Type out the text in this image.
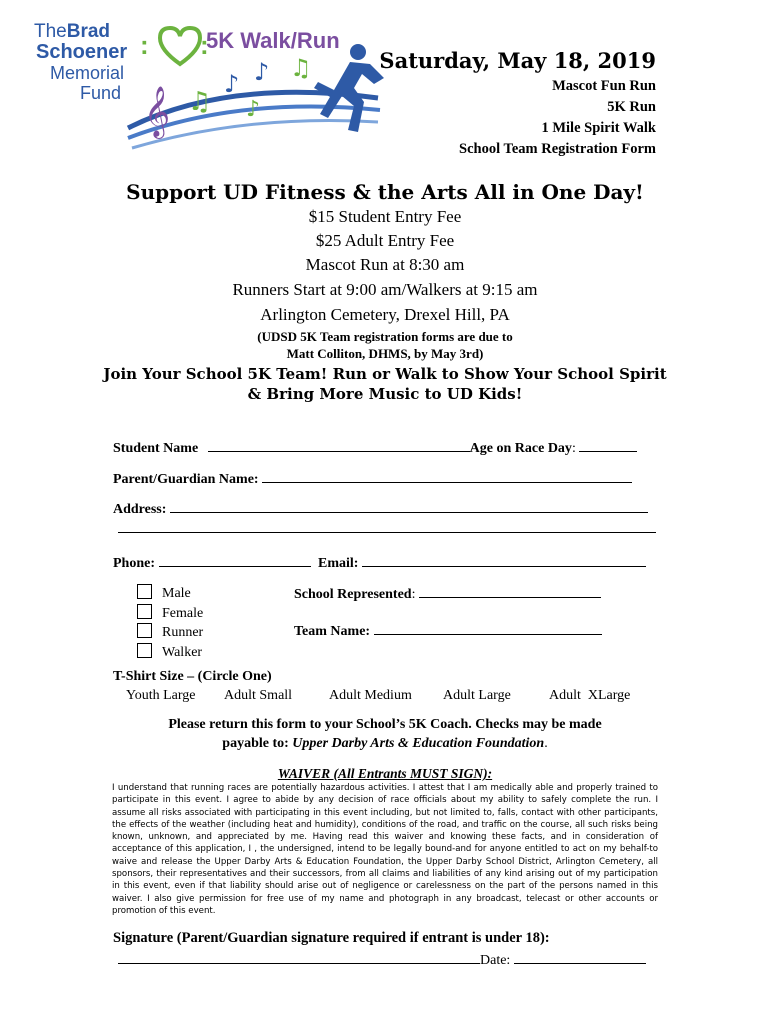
TheBrad
Schoener
Memorial
Fund
5K Walk/Run
: :
𝄞 ♫
♪ ♪ ♫
♪
Saturday, May 18, 2019
Mascot Fun Run
5K Run
1 Mile Spirit Walk
School Team Registration Form
Support UD Fitness & the Arts All in One Day!
$15 Student Entry Fee
$25 Adult Entry Fee
Mascot Run at 8:30 am
Runners Start at 9:00 am/Walkers at 9:15 am
Arlington Cemetery, Drexel Hill, PA
(UDSD 5K Team registration forms are due to
Matt Colliton, DHMS, by May 3rd)
Join Your School 5K Team! Run or Walk to Show Your School Spirit
& Bring More Music to UD Kids!
Student Name	Age on Race Day:
Parent/Guardian Name:
Address:
Phone:	Email:
Male
Female
Runner
Walker
School Represented:
Team Name:
T-Shirt Size – (Circle One)
Youth Large Adult Small	Adult Medium Adult Large	Adult  XLarge
Please return this form to your School’s 5K Coach. Checks may be made
payable to: Upper Darby Arts & Education Foundation.
WAIVER (All Entrants MUST SIGN):
I understand that running races are potentially hazardous activities. I attest that I am medically able and properly trained to participate in this event. I agree to abide by any decision of race officials about my ability to safely complete the run. I assume all risks associated with participating in this event including, but not limited to, falls, contact with other participants, the effects of the weather (including heat and humidity), conditions of the road, and traffic on the course, all such risks being known, unknown, and appreciated by me. Having read this waiver and knowing these facts, and in consideration of acceptance of this application, I , the undersigned, intend to be legally bound-and for anyone entitled to act on my behalf-to waive and release the Upper Darby Arts & Education Foundation, the Upper Darby School District, Arlington Cemetery, all sponsors, their representatives and their successors, from all claims and liabilities of any kind arising out of my participation in this event, even if that liability should arise out of negligence or carelessness on the part of the persons named in this waiver. I also give permission for free use of my name and photograph in any broadcast, telecast or other accounts or promotion of this event.
Signature (Parent/Guardian signature required if entrant is under 18):
Date:
